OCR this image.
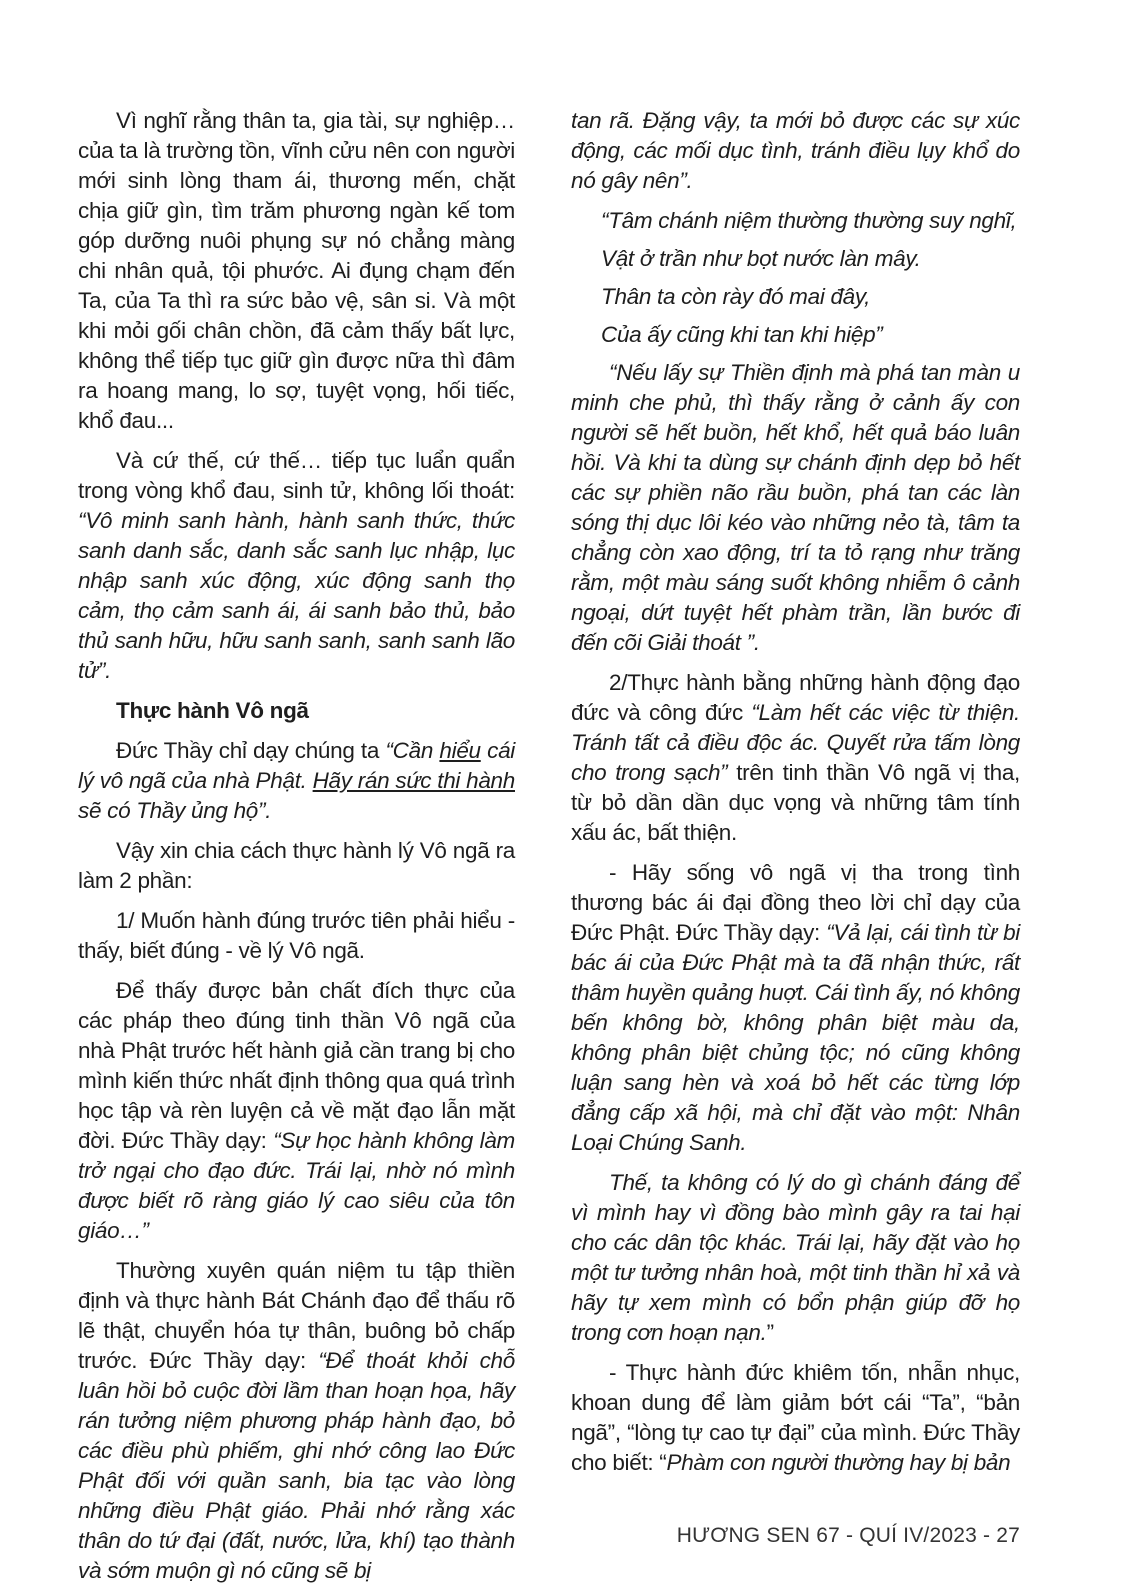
Vì nghĩ rằng thân ta, gia tài, sự nghiệp… của ta là trường tồn, vĩnh cửu nên con người mới sinh lòng tham ái, thương mến, chặt chịa giữ gìn, tìm trăm phương ngàn kế tom góp dưỡng nuôi phụng sự nó chẳng màng chi nhân quả, tội phước. Ai đụng chạm đến Ta, của Ta thì ra sức bảo vệ, sân si. Và một khi mỏi gối chân chồn, đã cảm thấy bất lực, không thể tiếp tục giữ gìn được nữa thì đâm ra hoang mang, lo sợ, tuyệt vọng, hối tiếc, khổ đau...

Và cứ thế, cứ thế… tiếp tục luẩn quẩn trong vòng khổ đau, sinh tử, không lối thoát: “Vô minh sanh hành, hành sanh thức, thức sanh danh sắc, danh sắc sanh lục nhập, lục nhập sanh xúc động, xúc động sanh thọ cảm, thọ cảm sanh ái, ái sanh bảo thủ, bảo thủ sanh hữu, hữu sanh sanh, sanh sanh lão tử”.

Thực hành Vô ngã

Đức Thầy chỉ dạy chúng ta “Cần hiểu cái lý vô ngã của nhà Phật. Hãy rán sức thi hành sẽ có Thầy ủng hộ”.

Vậy xin chia cách thực hành lý Vô ngã ra làm 2 phần:

1/ Muốn hành đúng trước tiên phải hiểu - thấy, biết đúng - về lý Vô ngã.

Để thấy được bản chất đích thực của các pháp theo đúng tinh thần Vô ngã của nhà Phật trước hết hành giả cần trang bị cho mình kiến thức nhất định thông qua quá trình học tập và rèn luyện cả về mặt đạo lẫn mặt đời. Đức Thầy dạy: “Sự học hành không làm trở ngại cho đạo đức. Trái lại, nhờ nó mình được biết rõ ràng giáo lý cao siêu của tôn giáo…”

Thường xuyên quán niệm tu tập thiền định và thực hành Bát Chánh đạo để thấu rõ lẽ thật, chuyển hóa tự thân, buông bỏ chấp trước. Đức Thầy dạy: “Để thoát khỏi chỗ luân hồi bỏ cuộc đời lầm than hoạn họa, hãy rán tưởng niệm phương pháp hành đạo, bỏ các điều phù phiếm, ghi nhớ công lao Đức Phật đối với quần sanh, bia tạc vào lòng những điều Phật giáo. Phải nhớ rằng xác thân do tứ đại (đất, nước, lửa, khí) tạo thành và sớm muộn gì nó cũng sẽ bị

tan rã. Đặng vậy, ta mới bỏ được các sự xúc động, các mối dục tình, tránh điều lụy khổ do nó gây nên”.

“Tâm chánh niệm thường thường suy nghĩ,

Vật ở trần như bọt nước làn mây.

Thân ta còn rày đó mai đây,

Của ấy cũng khi tan khi hiệp”

“Nếu lấy sự Thiền định mà phá tan màn u minh che phủ, thì thấy rằng ở cảnh ấy con người sẽ hết buồn, hết khổ, hết quả báo luân hồi. Và khi ta dùng sự chánh định dẹp bỏ hết các sự phiền não rầu buồn, phá tan các làn sóng thị dục lôi kéo vào những nẻo tà, tâm ta chẳng còn xao động, trí ta tỏ rạng như trăng rằm, một màu sáng suốt không nhiễm ô cảnh ngoại, dứt tuyệt hết phàm trần, lần bước đi đến cõi Giải thoát ”.

2/Thực hành bằng những hành động đạo đức và công đức “Làm hết các việc từ thiện. Tránh tất cả điều độc ác. Quyết rửa tấm lòng cho trong sạch” trên tinh thần Vô ngã vị tha, từ bỏ dần dần dục vọng và những tâm tính xấu ác, bất thiện.

- Hãy sống vô ngã vị tha trong tình thương bác ái đại đồng theo lời chỉ dạy của Đức Phật. Đức Thầy dạy: “Vả lại, cái tình từ bi bác ái của Đức Phật mà ta đã nhận thức, rất thâm huyền quảng huợt. Cái tình ấy, nó không bến không bờ, không phân biệt màu da, không phân biệt chủng tộc; nó cũng không luận sang hèn và xoá bỏ hết các từng lớp đẳng cấp xã hội, mà chỉ đặt vào một: Nhân Loại Chúng Sanh.

Thế, ta không có lý do gì chánh đáng để vì mình hay vì đồng bào mình gây ra tai hại cho các dân tộc khác. Trái lại, hãy đặt vào họ một tư tưởng nhân hoà, một tinh thần hỉ xả và hãy tự xem mình có bổn phận giúp đỡ họ trong cơn hoạn nạn.”

- Thực hành đức khiêm tốn, nhẫn nhục, khoan dung để làm giảm bớt cái “Ta”, “bản ngã”, “lòng tự cao tự đại” của mình. Đức Thầy cho biết: “Phàm con người thường hay bị bản

HƯƠNG SEN 67 - QUÍ IV/2023 - 27
